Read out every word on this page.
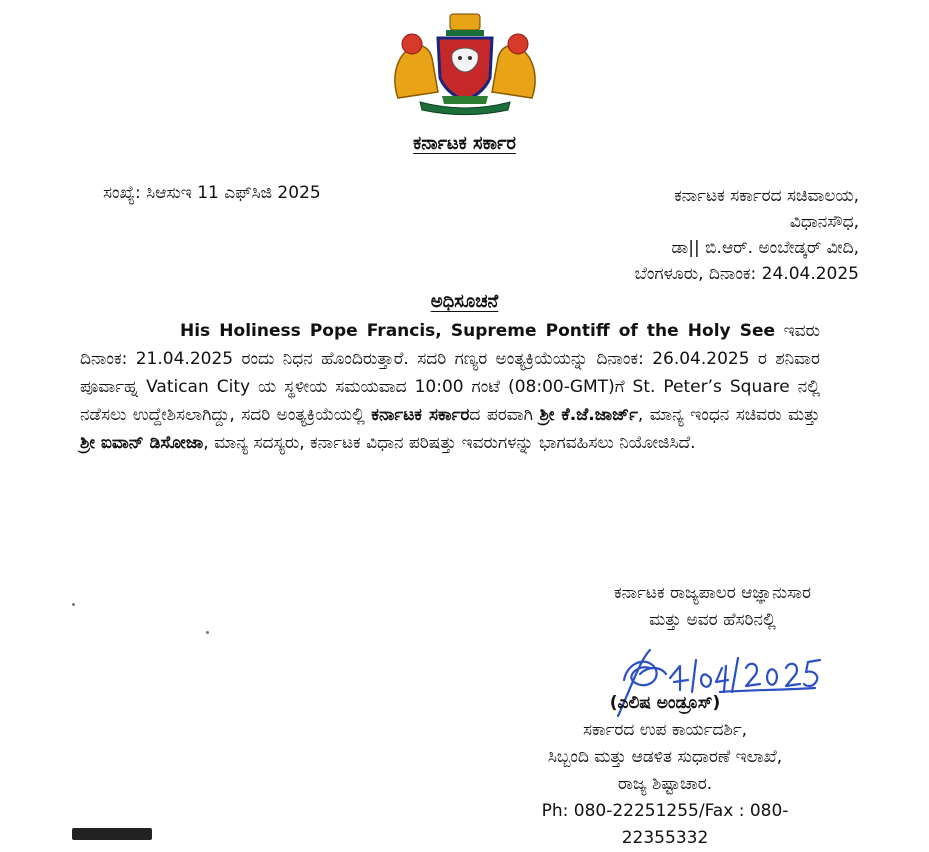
ಕರ್ನಾಟಕ ಸರ್ಕಾರ
ಸಂಖ್ಯೆ: ಸಿಆಸುಇ 11 ಎಫ್‌ಸಿಜಿ 2025	ಕರ್ನಾಟಕ ಸರ್ಕಾರದ ಸಚಿವಾಲಯ,
ವಿಧಾನಸೌಧ,
ಡಾ|| ಬಿ.ಆರ್. ಅಂಬೇಡ್ಕರ್ ವೀದಿ,
ಬೆಂಗಳೂರು, ದಿನಾಂಕ: 24.04.2025
ಅಧಿಸೂಚನೆ

His Holiness Pope Francis, Supreme Pontiff of the Holy See ಇವರು ದಿನಾಂಕ: 21.04.2025 ರಂದು ನಿಧನ ಹೊಂದಿರುತ್ತಾರೆ. ಸದರಿ ಗಣ್ಯರ ಅಂತ್ಯಕ್ರಿಯೆಯನ್ನು ದಿನಾಂಕ: 26.04.2025 ರ ಶನಿವಾರ ಪೂರ್ವಾಹ್ನ Vatican City ಯ ಸ್ಥಳೀಯ ಸಮಯವಾದ 10:00 ಗಂಟೆ (08:00-GMT)ಗೆ St. Peter’s Square ನಲ್ಲಿ ನಡೆಸಲು ಉದ್ದೇಶಿಸಲಾಗಿದ್ದು, ಸದರಿ ಅಂತ್ಯಕ್ರಿಯೆಯಲ್ಲಿ ಕರ್ನಾಟಕ ಸರ್ಕಾರದ ಪರವಾಗಿ ಶ್ರೀ ಕೆ.ಜೆ.ಜಾರ್ಜ್, ಮಾನ್ಯ ಇಂಧನ ಸಚಿವರು ಮತ್ತು ಶ್ರೀ ಐವಾನ್ ಡಿಸೋಜಾ, ಮಾನ್ಯ ಸದಸ್ಯರು, ಕರ್ನಾಟಕ ವಿಧಾನ ಪರಿಷತ್ತು ಇವರುಗಳನ್ನು ಭಾಗವಹಿಸಲು ನಿಯೋಜಿಸಿದೆ.

ಕರ್ನಾಟಕ ರಾಜ್ಯಪಾಲರ ಆಜ್ಞಾನುಸಾರ
ಮತ್ತು ಅವರ ಹೆಸರಿನಲ್ಲಿ
(ಎಲಿಷ ಅಂಡ್ರೂಸ್)
ಸರ್ಕಾರದ ಉಪ ಕಾರ್ಯದರ್ಶಿ,
ಸಿಬ್ಬಂದಿ ಮತ್ತು ಆಡಳಿತ ಸುಧಾರಣೆ ಇಲಾಖೆ,
ರಾಜ್ಯ ಶಿಷ್ಟಾಚಾರ.
Ph: 080-22251255/Fax : 080-22355332
